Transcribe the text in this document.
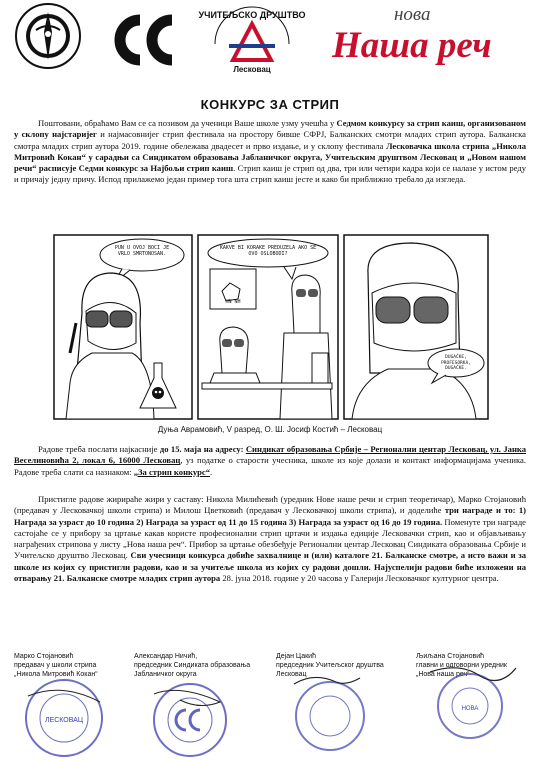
УЧИТЕЉСКО ДРУШТВО
Лесковац
нова
Наша реч
КОНКУРС ЗА СТРИП
Поштовани, обраћамо Вам се са позивом да ученици Ваше школе узму учешћа у Седмом конкурсу за стрип каиш, организованом у склопу најстаријег и најмасовнијег стрип фестивала на простору бивше СФРЈ, Балканских смотри младих стрип аутора. Балканска смотра младих стрип аутора 2019. године обележава двадесет и прво издање, и у склопу фестивала Лесковачка школа стрипа „Никола Митровић Кокан“ у сарадњи са Синдикатом образовања Јабланичког округа, Учитељским друштвом Лесковац и „Новом нашом речи“ расписује Седми конкурс за Најбољи стрип каиш. Стрип каиш је стрип од два, три или четири кадра који се налазе у истом реду и причају једну причу. Испод прилажемо један пример тога шта стрип каиш јесте и како би приближно требало да изгледа.
PUN U OVOJ BOCI JE VRLO SMRTONOSAN.
KAKVE BI KORAKE PREDUZELA AKO SE OVO OSLOBODI?
HN NH
DUGAČKE, PROFESORKA, DUGAČKE.
Дуња Аврамовић, V разред, О. Ш. Јосиф Костић – Лесковац
Радове треба послати најкасније до 15. маја на адресу: Синдикат образовања Србије – Регионални центар Лесковац, ул. Јанка Веселиновића 2, локал 6, 16000 Лесковац, уз податке о старости учесника, школе из које долази и контакт информацијама ученика. Радове треба слати са назнаком: „За стрип конкурс“.
Пристигле радове жирираће жири у саставу: Никола Милићевић (уредник Нове наше речи и стрип теоретичар), Марко Стојановић (предавач у Лесковачкој школи стрипа) и Милош Цветковић (предавач у Лесковачкој школи стрипа), и доделиће три награде и то: 1) Награда за узраст до 10 година 2) Награда за узраст од 11 до 15 година 3) Награда за узраст од 16 до 19 година. Поменуте три награде састојаће се у прибору за цртање какав користе професионални стрип цртачи и издања едиције Лесковачки стрип, као и објављивању награђених стрипова у листу „Нова наша реч“. Прибор за цртање обезбеђује Регионални центар Лесковац Синдиката образовања Србије и Учитељско друштво Лесковац. Сви учесници конкурса добиће захвалнице и (или) каталоге 21. Балканске смотре, а исто важи и за школе из којих су пристигли радови, као и за учитеље школа из којих су радови дошли. Најуспелији радови биће изложени на отварању 21. Балканске смотре младих стрип аутора 28. јуна 2018. године у 20 часова у Галерији Лесковачког културног центра.
Марко Стојановић
предавач у школи стрипа
„Никола Митровић Кокан“
Александар Ничић,
председник Синдиката образовања
Јабланичког округа
Дејан Цакић
председник Учитељског друштва
Лесковац
Љиљана Стојановић
главни и одговорни уредник
„Нова наша реч“
ЛЕСКОВАЦ
НОВА
